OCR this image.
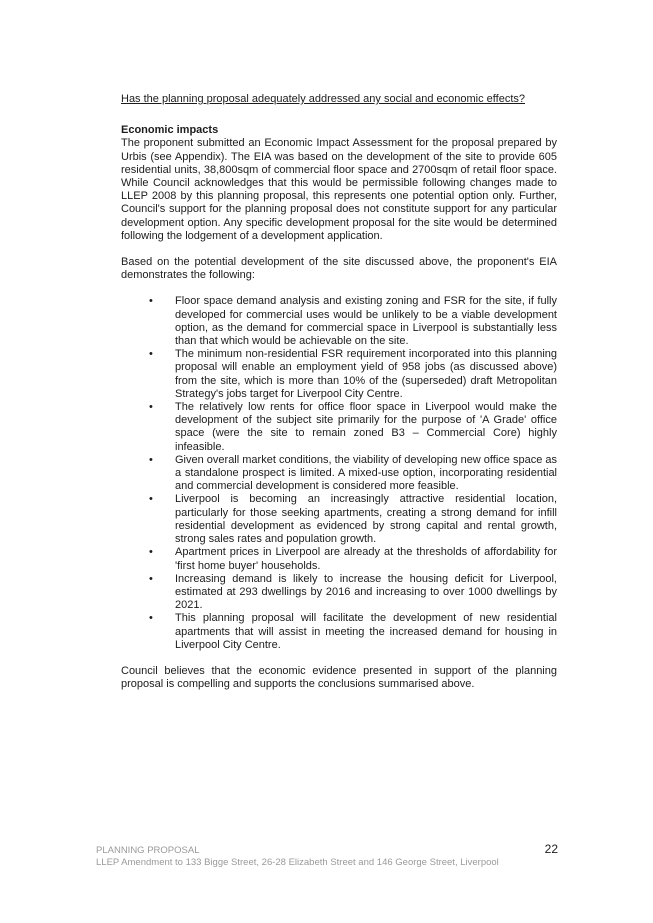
Has the planning proposal adequately addressed any social and economic effects?

Economic impacts

The proponent submitted an Economic Impact Assessment for the proposal prepared by Urbis (see Appendix). The EIA was based on the development of the site to provide 605 residential units, 38,800sqm of commercial floor space and 2700sqm of retail floor space. While Council acknowledges that this would be permissible following changes made to LLEP 2008 by this planning proposal, this represents one potential option only. Further, Council's support for the planning proposal does not constitute support for any particular development option. Any specific development proposal for the site would be determined following the lodgement of a development application.

Based on the potential development of the site discussed above, the proponent's EIA demonstrates the following:

• Floor space demand analysis and existing zoning and FSR for the site, if fully developed for commercial uses would be unlikely to be a viable development option, as the demand for commercial space in Liverpool is substantially less than that which would be achievable on the site.
• The minimum non-residential FSR requirement incorporated into this planning proposal will enable an employment yield of 958 jobs (as discussed above) from the site, which is more than 10% of the (superseded) draft Metropolitan Strategy's jobs target for Liverpool City Centre.
• The relatively low rents for office floor space in Liverpool would make the development of the subject site primarily for the purpose of 'A Grade' office space (were the site to remain zoned B3 – Commercial Core) highly infeasible.
• Given overall market conditions, the viability of developing new office space as a standalone prospect is limited. A mixed-use option, incorporating residential and commercial development is considered more feasible.
• Liverpool is becoming an increasingly attractive residential location, particularly for those seeking apartments, creating a strong demand for infill residential development as evidenced by strong capital and rental growth, strong sales rates and population growth.
• Apartment prices in Liverpool are already at the thresholds of affordability for 'first home buyer' households.
• Increasing demand is likely to increase the housing deficit for Liverpool, estimated at 293 dwellings by 2016 and increasing to over 1000 dwellings by 2021.
• This planning proposal will facilitate the development of new residential apartments that will assist in meeting the increased demand for housing in Liverpool City Centre.

Council believes that the economic evidence presented in support of the planning proposal is compelling and supports the conclusions summarised above.

PLANNING PROPOSAL	22
LLEP Amendment to 133 Bigge Street, 26-28 Elizabeth Street and 146 George Street, Liverpool
